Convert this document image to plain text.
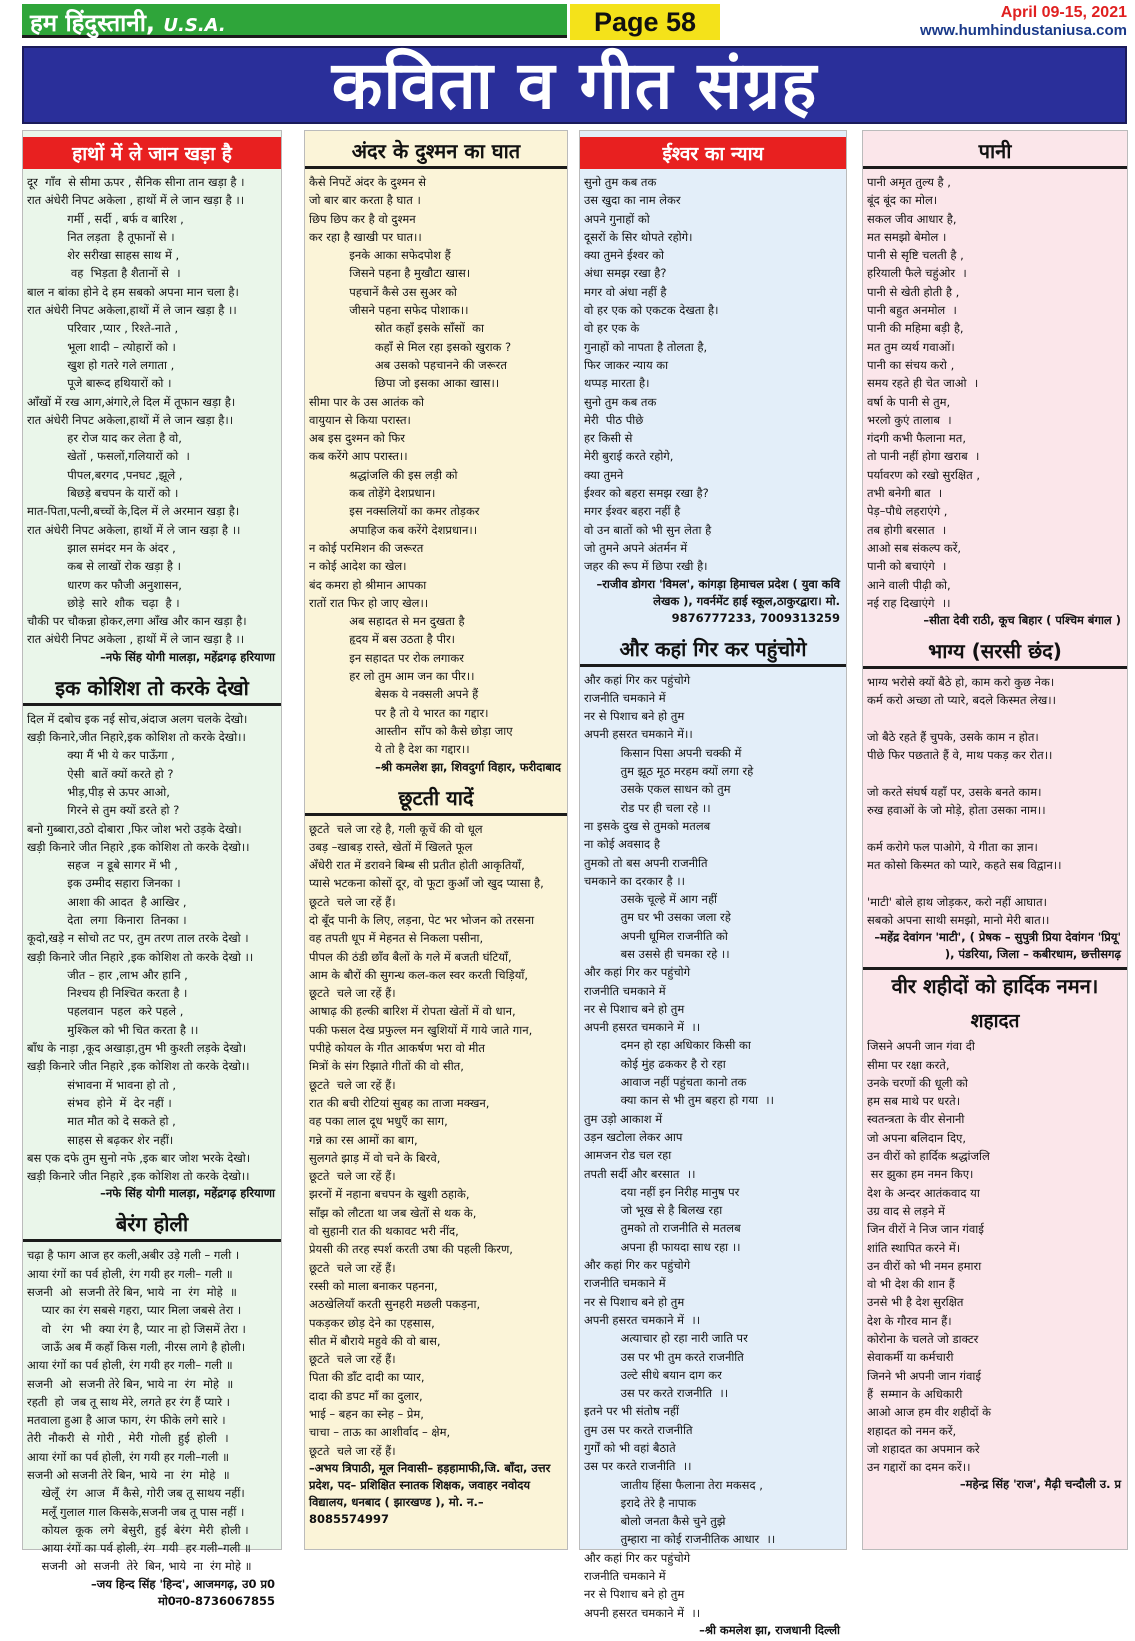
हम हिंदुस्तानी, U.S.A.	Page 58	April 09-15, 2021
www.humhindustaniusa.com
कविता व गीत संग्रह
हाथों में ले जान खड़ा है
दूर  गाँव  से सीमा ऊपर , सैनिक सीना तान खड़ा है ।
रात अंधेरी निपट अकेला , हाथों में ले जान खड़ा है ।।
गर्मी , सर्दी , बर्फ व बारिश ,
नित लड़ता  है तूफानों से ।
शेर सरीखा साहस साथ में ,
वह  भिड़ता है शैतानों से  ।
बाल न बांका होने दे हम सबको अपना मान चला है।
रात अंधेरी निपट अकेला,हाथों में ले जान खड़ा है ।।
परिवार ,प्यार , रिश्ते-नाते ,
भूला शादी – त्योहारों को ।
खुश हो गतरे गले लगाता ,
पूजे बारूद हथियारों को ।
आँखों में रख आग,अंगारे,ले दिल में तूफान खड़ा है।
रात अंधेरी निपट अकेला,हाथों में ले जान खड़ा है।।
हर रोज याद कर लेता है वो,
खेतों , फसलों,गलियारों को  ।
पीपल,बरगद ,पनघट ,झूले ,
बिछड़े बचपन के यारों को ।
मात-पिता,पत्नी,बच्चों के,दिल में ले अरमान खड़ा है।
रात अंधेरी निपट अकेला, हाथों में ले जान खड़ा है ।।
झाल समंदर मन के अंदर ,
कब से लाखों रोक खड़ा है ।
धारण कर फौजी अनुशासन,
छोड़े  सारे  शौक  चढ़ा  है ।
चौकी पर चौकन्ना होकर,लगा आँख और कान खड़ा है।
रात अंधेरी निपट अकेला , हाथों में ले जान खड़ा है ।।
–नफे सिंह योगी मालड़ा, महेंद्रगढ़ हरियाणा
इक कोशिश तो करके देखो
दिल में दबोच इक नई सोच,अंदाज अलग चलके देखो।
खड़ी किनारे,जीत निहारे,इक कोशिश तो करके देखो।।
क्या मैं भी ये कर पाऊँगा ,
ऐसी  बातें क्यों करते हो ?
भीड़,पीड़ से ऊपर आओ,
गिरने से तुम क्यों डरते हो ?
बनो गुब्बारा,उठो दोबारा ,फिर जोश भरो उड़के देखो।
खड़ी किनारे जीत निहारे ,इक कोशिश तो करके देखो।।
सहज  न डूबे सागर में भी ,
इक उम्मीद सहारा जिनका ।
आशा की आदत  है आखिर ,
देता  लगा  किनारा  तिनका ।
कूदो,खड़े न सोचो तट पर, तुम तरण ताल तरके देखो ।
खड़ी किनारे जीत निहारे ,इक कोशिश तो करके देखो ।।
जीत – हार ,लाभ और हानि ,
निश्चय ही निश्चित करता है ।
पहलवान  पहल  करे पहले ,
मुश्किल को भी चित करता है ।।
बाँध के नाड़ा ,कूद अखाड़ा,तुम भी कुश्ती लड़के देखो।
खड़ी किनारे जीत निहारे ,इक कोशिश तो करके देखो।।
संभावना में भावना हो तो ,
संभव  होने  में  देर नहीं ।
मात मौत को दे सकते हो ,
साहस से बढ़कर शेर नहीं।
बस एक दफे तुम सुनो नफे ,इक बार जोश भरके देखो।
खड़ी किनारे जीत निहारे ,इक कोशिश तो करके देखो।।
–नफे सिंह योगी मालड़ा, महेंद्रगढ़ हरियाणा
बेरंग होली
चढ़ा है फाग आज हर कली,अबीर उड़े गली – गली ।
आया रंगों का पर्व होली, रंग गयी हर गली– गली ॥
सजनी  ओ  सजनी तेरे बिन, भाये  ना  रंग  मोहे  ॥
प्यार का रंग सबसे गहरा, प्यार मिला जबसे तेरा ।
वो   रंग  भी  क्या रंग है, प्यार ना हो जिसमें तेरा ।
जाऊँ अब मैं कहाँ किस गली, नीरस लागे है होली।
आया रंगों का पर्व होली, रंग गयी हर गली– गली ॥
सजनी  ओ  सजनी तेरे बिन, भाये ना  रंग  मोहे  ॥
रहती  हो  जब तू साथ मेरे, लगते हर रंग हैं प्यारे ।
मतवाला हुआ है आज फाग, रंग फीके लगे सारे ।
तेरी  नौकरी  से  गोरी ,  मेरी  गोली  हुई  होली  ।
आया रंगों का पर्व होली, रंग गयी हर गली–गली ॥
सजनी ओ सजनी तेरे बिन, भाये  ना  रंग  मोहे  ॥
खेलूँ  रंग  आज  मैं कैसे, गोरी जब तू साथय नहीं।
मलूँ गुलाल गाल किसके,सजनी जब तू पास नहीं ।
कोयल  कूक  लगे  बेसुरी,  हुई  बेरंग  मेरी  होली ।
आया रंगों का पर्व होली, रंग  गयी  हर गली–गली ॥
सजनी  ओ  सजनी  तेरे  बिन, भाये  ना  रंग मोहे ॥
–जय हिन्द सिंह 'हिन्द', आजमगढ़, उ0 प्र0
मो0न0-8736067855
अंदर के दुश्मन का घात
कैसे निपटें अंदर के दुश्मन से
जो बार बार करता है घात ।
छिप छिप कर है वो दुश्मन
कर रहा है खाखी पर घात।।
इनके आका सफेदपोश हैं
जिसने पहना है मुखौटा खास।
पहचानें कैसे उस सुअर को
जीसने पहना सफेद पोशाक।।
स्रोत कहाँ इसके साँसों  का
कहाँ से मिल रहा इसको खुराक ?
अब उसको पहचानने की जरूरत
छिपा जो इसका आका खास।।
सीमा पार के उस आतंक को
वायुयान से किया परास्त।
अब इस दुश्मन को फिर
कब करेंगे आप परास्त।।
श्रद्धांजलि की इस लड़ी को
कब तोड़ेंगे देशप्रधान।
इस नक्सलियों का कमर तोड़कर
अपाहिज कब करेंगे देशप्रधान।।
न कोई परमिशन की जरूरत
न कोई आदेश का खेल।
बंद कमरा हो श्रीमान आपका
रातों रात फिर हो जाए खेल।।
अब सहादत से मन दुखता है
हृदय में बस उठता है पीर।
इन सहादत पर रोक लगाकर
हर लो तुम आम जन का पीर।।
बेसक ये नक्सली अपने हैं
पर है तो ये भारत का गद्दार।
आस्तीन  साँप को कैसे छोड़ा जाए
ये तो है देश का गद्दार।।
–श्री कमलेश झा, शिवदुर्गा विहार, फरीदाबाद
छूटती यादें
छूटते  चले जा रहे है, गली कूचें की वो धूल
उबड़ –खाबड़ रास्ते, खेतों में खिलते फूल
अँधेरी रात में डरावने बिम्ब सी प्रतीत होती आकृतियाँ,
प्यासे भटकना कोसों दूर, वो फूटा कुआँ जो खुद प्यासा है,
छूटते  चले जा रहें हैं।
दो बूँद पानी के लिए, लड़ना, पेट भर भोजन को तरसना
वह तपती धूप में मेहनत से निकला पसीना,
पीपल की ठंडी छाँव बैलों के गले में बजती घंटियाँ,
आम के बौरों की सुगन्ध कल-कल स्वर करती चिड़ियाँ,
छूटते  चले जा रहें हैं।
आषाढ़ की हल्की बारिश में रोपता खेतों में वो धान,
पकी फसल देख प्रफुल्ल मन खुशियों में गाये जाते गान,
पपीहे कोयल के गीत आकर्षण भरा वो मीत
मित्रों के संग रिझाते गीतों की वो सीत,
छूटते  चले जा रहें हैं।
रात की बची रोटियां सुबह का ताजा मक्खन,
वह पका लाल दूध भधुएँ का साग,
गन्ने का रस आमों का बाग,
सुलगते झाड़ में वो चने के बिरवे,
छूटते  चले जा रहें हैं।
झरनों में नहाना बचपन के खुशी ठहाके,
साँझ को लौटता था जब खेतों से थक के,
वो सुहानी रात की थकावट भरी नींद,
प्रेयसी की तरह स्पर्श करती उषा की पहली किरण,
छूटते  चले जा रहें हैं।
रस्सी को माला बनाकर पहनना,
अठखेलियाँ करती सुनहरी मछली पकड़ना,
पकड़कर छोड़ देने का एहसास,
सीत में बौराये महुवे की वो बास,
छूटते  चले जा रहें हैं।
पिता की डाँट दादी का प्यार,
दादा की डपट माँ का दुलार,
भाई – बहन का स्नेह – प्रेम,
चाचा – ताऊ का आशीर्वाद – क्षेम,
छूटते  चले जा रहें हैं।
–अभय त्रिपाठी, मूल निवासी– हड़हामाफी,जि. बाँदा, उत्तर प्रदेश, पद– प्रशिक्षित स्नातक शिक्षक, जवाहर नवोदय विद्यालय, धनबाद ( झारखण्ड ), मो. न.–8085574997
ईश्वर का न्याय
सुनो तुम कब तक
उस खुदा का नाम लेकर
अपने गुनाहों को
दूसरों के सिर थोपते रहोगे।
क्या तुमने ईश्वर को
अंधा समझ रखा है?
मगर वो अंधा नहीं है
वो हर एक को एकटक देखता है।
वो हर एक के
गुनाहों को नापता है तोलता है,
फिर जाकर न्याय का
थप्पड़ मारता है।
सुनो तुम कब तक
मेरी  पीठ पीछे
हर किसी से
मेरी बुराई करते रहोगे,
क्या तुमने
ईश्वर को बहरा समझ रखा है?
मगर ईश्वर बहरा नहीं है
वो उन बातों को भी सुन लेता है
जो तुमने अपने अंतर्मन में
जहर की रूप में छिपा रखी है।
–राजीव डोगरा 'विमल', कांगड़ा हिमाचल प्रदेश ( युवा कवि लेखक ), गवर्नमेंट हाई स्कूल,ठाकुरद्वारा। मो. 9876777233, 7009313259
और कहां गिर कर पहुंचोगे
और कहां गिर कर पहुंचोगे
राजनीति चमकाने में
नर से पिशाच बने हो तुम
अपनी हसरत चमकाने में।।
किसान पिसा अपनी चक्की में
तुम झूठ मूठ मरहम क्यों लगा रहे
उसके एकल साधन को तुम
रोड पर ही चला रहे ।।
ना इसके दुख से तुमको मतलब
ना कोई अवसाद है
तुमको तो बस अपनी राजनीति
चमकाने का दरकार है ।।
उसके चूल्हे में आग नहीं
तुम घर भी उसका जला रहे
अपनी धूमिल राजनीति को
बस उससे ही चमका रहे ।।
और कहां गिर कर पहुंचोगे
राजनीति चमकाने में
नर से पिशाच बने हो तुम
अपनी हसरत चमकाने में  ।।
दमन हो रहा अधिकार किसी का
कोई मुंह ढककर है रो रहा
आवाज नहीं पहुंचता कानो तक
क्या कान से भी तुम बहरा हो गया  ।।
तुम उड़ो आकाश में
उड़न खटोला लेकर आप
आमजन रोड चल रहा
तपती सर्दी और बरसात  ।।
दया नहीं इन निरीह मानुष पर
जो भूख से है बिलख रहा
तुमको तो राजनीति से मतलब
अपना ही फायदा साध रहा ।।
और कहां गिर कर पहुंचोगे
राजनीति चमकाने में
नर से पिशाच बने हो तुम
अपनी हसरत चमकाने में  ।।
अत्याचार हो रहा नारी जाति पर
उस पर भी तुम करते राजनीति
उल्टे सीधे बयान दाग कर
उस पर करते राजनीति  ।।
इतने पर भी संतोष नहीं
तुम उस पर करते राजनीति
गुर्गों को भी वहां बैठाते
उस पर करते राजनीति  ।।
जातीय हिंसा फैलाना तेरा मकसद ,
इरादे तेरे है नापाक
बोलो जनता कैसे चुने तुझे
तुम्हारा ना कोई राजनीतिक आधार  ।।
और कहां गिर कर पहुंचोगे
राजनीति चमकाने में
नर से पिशाच बने हो तुम
अपनी हसरत चमकाने में  ।।
–श्री कमलेश झा, राजधानी दिल्ली
पानी
पानी अमृत तुल्य है ,
बूंद बूंद का मोल।
सकल जीव आधार है,
मत समझो बेमोल ।
पानी से सृष्टि चलती है ,
हरियाली फैले चहुंओर  ।
पानी से खेती होती है ,
पानी बहुत अनमोल  ।
पानी की महिमा बड़ी है,
मत तुम व्यर्थ गवाओं।
पानी का संचय करो ,
समय रहते ही चेत जाओ  ।
वर्षा के पानी से तुम,
भरलो कुएं तालाब  ।
गंदगी कभी फैलाना मत,
तो पानी नहीं होगा खराब  ।
पर्यावरण को रखो सुरक्षित ,
तभी बनेगी बात  ।
पेड़–पौधे लहराएंगे ,
तब होगी बरसात  ।
आओ सब संकल्प करें,
पानी को बचाएंगे  ।
आने वाली पीढ़ी को,
नई राह दिखाएंगे  ।।
–सीता देवी राठी, कूच बिहार ( पश्चिम बंगाल )
भाग्य (सरसी छंद)
भाग्य भरोसे क्यों बैठे हो, काम करो कुछ नेक।
कर्म करो अच्छा तो प्यारे, बदले किस्मत लेख।।

जो बैठे रहते हैं चुपके, उसके काम न होत।
पीछे फिर पछताते हैं वे, माथ पकड़ कर रोत।।

जो करते संघर्ष यहाँ पर, उसके बनते काम।
रुख हवाओं के जो मोड़े, होता उसका नाम।।

कर्म करोगे फल पाओगे, ये गीता का ज्ञान।
मत कोसो किस्मत को प्यारे, कहते सब विद्वान।।

'माटी' बोले हाथ जोड़कर, करो नहीं आघात।
सबको अपना साथी समझो, मानो मेरी बात।।
–महेंद्र देवांगन 'माटी', ( प्रेषक – सुपुत्री प्रिया देवांगन 'प्रियू' ), पंडरिया, जिला – कबीरधाम, छत्तीसगढ़
वीर शहीदों को हार्दिक नमन।
शहादत
जिसने अपनी जान गंवा दी
सीमा पर रक्षा करते,
उनके चरणों की धूली को
हम सब माथे पर धरते।
स्वतन्त्रता के वीर सेनानी
जो अपना बलिदान दिए,
उन वीरों को हार्दिक श्रद्धांजलि
सर झुका हम नमन किए।
देश के अन्दर आतंकवाद या
उग्र वाद से लड़ने में
जिन वीरों ने निज जान गंवाई
शांति स्थापित करने में।
उन वीरों को भी नमन हमारा
वो भी देश की शान हैं
उनसे भी है देश सुरक्षित
देश के गौरव मान हैं।
कोरोना के चलते जो डाक्टर
सेवाकर्मी या कर्मचारी
जिनने भी अपनी जान गंवाई
हैं  सम्मान के अधिकारी
आओ आज हम वीर शहीदों के
शहादत को नमन करें,
जो शहादत का अपमान करे
उन गद्दारों का दमन करें।।
–महेन्द्र सिंह 'राज', मैढ़ी चन्दौली उ. प्र
